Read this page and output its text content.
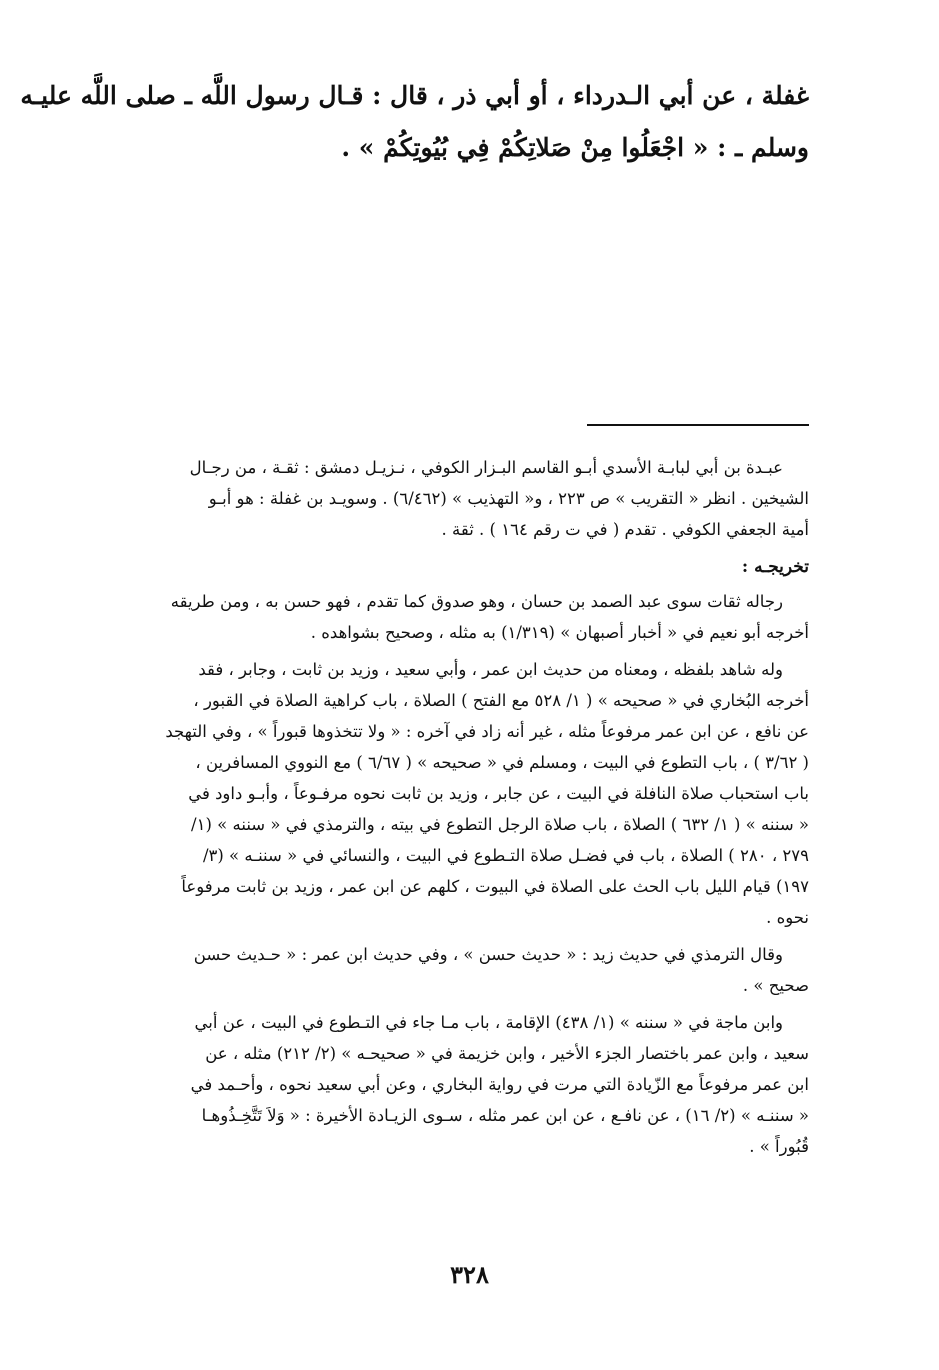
غفلة ، عن أبي الـدرداء ، أو أبي ذر ، قال : قـال رسول اللَّه ـ صلى اللَّه عليـه
وسلم ـ : « اجْعَلُوا مِنْ صَلاتِكُمْ فِي بُيُوتِكُمْ » .
عبـدة بن أبي لبابـة الأسدي أبـو القاسم البـزار الكوفي ، نـزيـل دمشق : ثقـة ، من رجـال
الشيخين . انظر « التقريب » ص ٢٢٣ ، و« التهذيب » (٦/٤٦٢) . وسويـد بن غفلة : هو أبـو
أمية الجعفي الكوفي . تقدم ( في ت رقم ١٦٤ ) . ثقة .
تخريجـه :
رجاله ثقات سوى عبد الصمد بن حسان ، وهو صدوق كما تقدم ، فهو حسن به ، ومن طريقه
أخرجه أبو نعيم في « أخبار أصبهان » (١/٣١٩) به مثله ، وصحيح بشواهده .
وله شاهد بلفظه ، ومعناه من حديث ابن عمر ، وأبي سعيد ، وزيد بن ثابت ، وجابر ، فقد
أخرجه البُخاري في « صحيحه » ( ١/ ٥٢٨ مع الفتح ) الصلاة ، باب كراهية الصلاة في القبور ،
عن نافع ، عن ابن عمر مرفوعاً مثله ، غير أنه زاد في آخره : « ولا تتخذوها قبوراً » ، وفي التهجد
( ٣/٦٢ ) ، باب التطوع في البيت ، ومسلم في « صحيحه » ( ٦/٦٧ ) مع النووي المسافرين ،
باب استحباب صلاة النافلة في البيت ، عن جابر ، وزيد بن ثابت نحوه مرفـوعاً ، وأبـو داود في
« سننه » ( ١/ ٦٣٢ ) الصلاة ، باب صلاة الرجل التطوع في بيته ، والترمذي في « سننه » (١/
٢٧٩ ، ٢٨٠ ) الصلاة ، باب في فضـل صلاة التـطوع في البيت ، والنسائي في « سننـه » (٣/
١٩٧) قيام الليل باب الحث على الصلاة في البيوت ، كلهم عن ابن عمر ، وزيد بن ثابت مرفوعاً
نحوه .
وقال الترمذي في حديث زيد : « حديث حسن » ، وفي حديث ابن عمر : « حـديث حسن
صحيح » .
وابن ماجة في « سننه » (١/ ٤٣٨) الإقامة ، باب مـا جاء في التـطوع في البيت ، عن أبي
سعيد ، وابن عمر باختصار الجزء الأخير ، وابن خزيمة في « صحيحـه » (٢/ ٢١٢) مثله ، عن
ابن عمر مرفوعاً مع الزّيادة التي مرت في رواية البخاري ، وعن أبي سعيد نحوه ، وأحـمد في
« سننـه » (٢/ ١٦) ، عن نافـع ، عن ابن عمر مثله ، سـوى الزيـادة الأخيرة : « وَلاَ تَتَّخِـذُوهـا
قُبُوراً » .
٣٢٨
